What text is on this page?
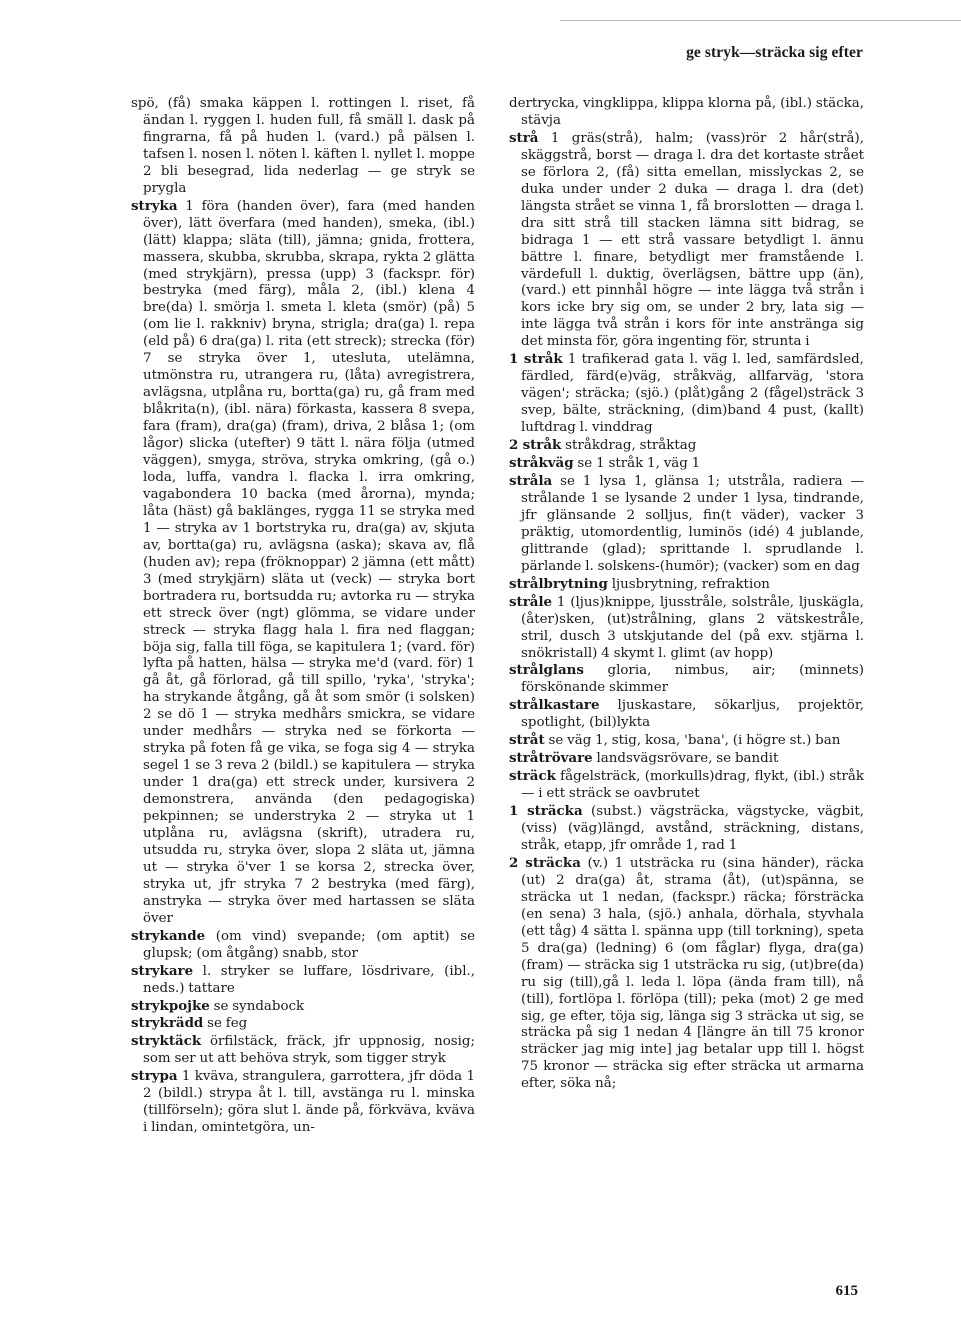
ge stryk—sträcka sig efter

spö, (få) smaka käppen l. rottingen l. riset, få ändan l. ryggen l. huden full, få smäll l. dask på fingrarna, få på huden l. (vard.) på pälsen l. tafsen l. nosen l. nöten l. käften l. nyllet l. moppe 2 bli besegrad, lida nederlag — ge stryk se prygla

stryka 1 föra (handen över), fara (med handen över), lätt överfara (med handen), smeka, (ibl.) (lätt) klappa; släta (till), jämna; gnida, frottera, massera, skubba, skrubba, skrapa, rykta 2 glätta (med strykjärn), pressa (upp) 3 (fackspr. för) bestryka (med färg), måla 2, (ibl.) klena 4 bre(da) l. smörja l. smeta l. kleta (smör) (på) 5 (om lie l. rakkniv) bryna, strigla; dra(ga) l. repa (eld på) 6 dra(ga) l. rita (ett streck); strecka (för) 7 se stryka över 1, utesluta, utelämna, utmönstra ru, utrangera ru, (låta) avregistrera, avlägsna, utplåna ru, bortta(ga) ru, gå fram med blåkrita(n), (ibl. nära) förkasta, kassera 8 svepa, fara (fram), dra(ga) (fram), driva, 2 blåsa 1; (om lågor) slicka (utefter) 9 tätt l. nära följa (utmed väggen), smyga, ströva, stryka omkring, (gå o.) loda, luffa, vandra l. flacka l. irra omkring, vagabondera 10 backa (med årorna), mynda; låta (häst) gå baklänges, rygga 11 se stryka med 1 — stryka av 1 bortstryka ru, dra(ga) av, skjuta av, bortta(ga) ru, avlägsna (aska); skava av, flå (huden av); repa (fröknoppar) 2 jämna (ett mått) 3 (med strykjärn) släta ut (veck) — stryka bort bortradera ru, bortsudda ru; avtorka ru — stryka ett streck över (ngt) glömma, se vidare under streck — stryka flagg hala l. fira ned flaggan; böja sig, falla till föga, se kapitulera 1; (vard. för) lyfta på hatten, hälsa — stryka me'd (vard. för) 1 gå åt, gå förlorad, gå till spillo, 'ryka', 'stryka'; ha strykande åtgång, gå åt som smör (i solsken) 2 se dö 1 — stryka medhårs smickra, se vidare under medhårs — stryka ned se förkorta — stryka på foten få ge vika, se foga sig 4 — stryka segel 1 se 3 reva 2 (bildl.) se kapitulera — stryka under 1 dra(ga) ett streck under, kursivera 2 demonstrera, använda (den pedagogiska) pekpinnen; se understryka 2 — stryka ut 1 utplåna ru, avlägsna (skrift), utradera ru, utsudda ru, stryka över, slopa 2 släta ut, jämna ut — stryka ö'ver 1 se korsa 2, strecka över, stryka ut, jfr stryka 7 2 bestryka (med färg), anstryka — stryka över med hartassen se släta över

strykande (om vind) svepande; (om aptit) se glupsk; (om åtgång) snabb, stor

strykare l. stryker se luffare, lösdrivare, (ibl., neds.) tattare

strykpojke se syndabock

strykrädd se feg

stryktäck örfilstäck, fräck, jfr uppnosig, nosig; som ser ut att behöva stryk, som tigger stryk

strypa 1 kväva, strangulera, garrottera, jfr döda 1 2 (bildl.) strypa åt l. till, avstänga ru l. minska (tillförseln); göra slut l. ände på, förkväva, kväva i lindan, omintetgöra, un-

dertrycka, vingklippa, klippa klorna på, (ibl.) stäcka, stävja

strå 1 gräs(strå), halm; (vass)rör 2 hår(strå), skäggstrå, borst — draga l. dra det kortaste strået se förlora 2, (få) sitta emellan, misslyckas 2, se duka under under 2 duka — draga l. dra (det) längsta strået se vinna 1, få brorslotten — draga l. dra sitt strå till stacken lämna sitt bidrag, se bidraga 1 — ett strå vassare betydligt l. ännu bättre l. finare, betydligt mer framstående l. värdefull l. duktig, överlägsen, bättre upp (än), (vard.) ett pinnhål högre — inte lägga två strån i kors icke bry sig om, se under 2 bry, lata sig — inte lägga två strån i kors för inte anstränga sig det minsta för, göra ingenting för, strunta i

1 stråk 1 trafikerad gata l. väg l. led, samfärdsled, färdled, färd(e)väg, stråkväg, allfarväg, 'stora vägen'; sträcka; (sjö.) (plåt)gång 2 (fågel)sträck 3 svep, bälte, sträckning, (dim)band 4 pust, (kallt) luftdrag l. vinddrag

2 stråk stråkdrag, stråktag

stråkväg se 1 stråk 1, väg 1

stråla se 1 lysa 1, glänsa 1; utstråla, radiera — strålande 1 se lysande 2 under 1 lysa, tindrande, jfr glänsande 2 solljus, fin(t väder), vacker 3 präktig, utomordentlig, luminös (idé) 4 jublande, glittrande (glad); sprittande l. sprudlande l. pärlande l. solskens-(humör); (vacker) som en dag

strålbrytning ljusbrytning, refraktion

stråle 1 (ljus)knippe, ljusstråle, solstråle, ljuskägla, (åter)sken, (ut)strålning, glans 2 vätskestråle, stril, dusch 3 utskjutande del (på exv. stjärna l. snökristall) 4 skymt l. glimt (av hopp)

strålglans gloria, nimbus, air; (minnets) förskönande skimmer

strålkastare ljuskastare, sökarljus, projektör, spotlight, (bil)lykta

stråt se väg 1, stig, kosa, 'bana', (i högre st.) ban

stråtrövare landsvägsrövare, se bandit

sträck fågelsträck, (morkulls)drag, flykt, (ibl.) stråk — i ett sträck se oavbrutet

1 sträcka (subst.) vägsträcka, vägstycke, vägbit, (viss) (väg)längd, avstånd, sträckning, distans, stråk, etapp, jfr område 1, rad 1

2 sträcka (v.) 1 utsträcka ru (sina händer), räcka (ut) 2 dra(ga) åt, strama (åt), (ut)spänna, se sträcka ut 1 nedan, (fackspr.) räcka; försträcka (en sena) 3 hala, (sjö.) anhala, dörhala, styvhala (ett tåg) 4 sätta l. spänna upp (till torkning), speta 5 dra(ga) (ledning) 6 (om fåglar) flyga, dra(ga) (fram) — sträcka sig 1 utsträcka ru sig, (ut)bre(da) ru sig (till),gå l. leda l. löpa (ända fram till), nå (till), fortlöpa l. förlöpa (till); peka (mot) 2 ge med sig, ge efter, töja sig, länga sig 3 sträcka ut sig, se sträcka på sig 1 nedan 4 [längre än till 75 kronor sträcker jag mig inte] jag betalar upp till l. högst 75 kronor — sträcka sig efter sträcka ut armarna efter, söka nå;

615
